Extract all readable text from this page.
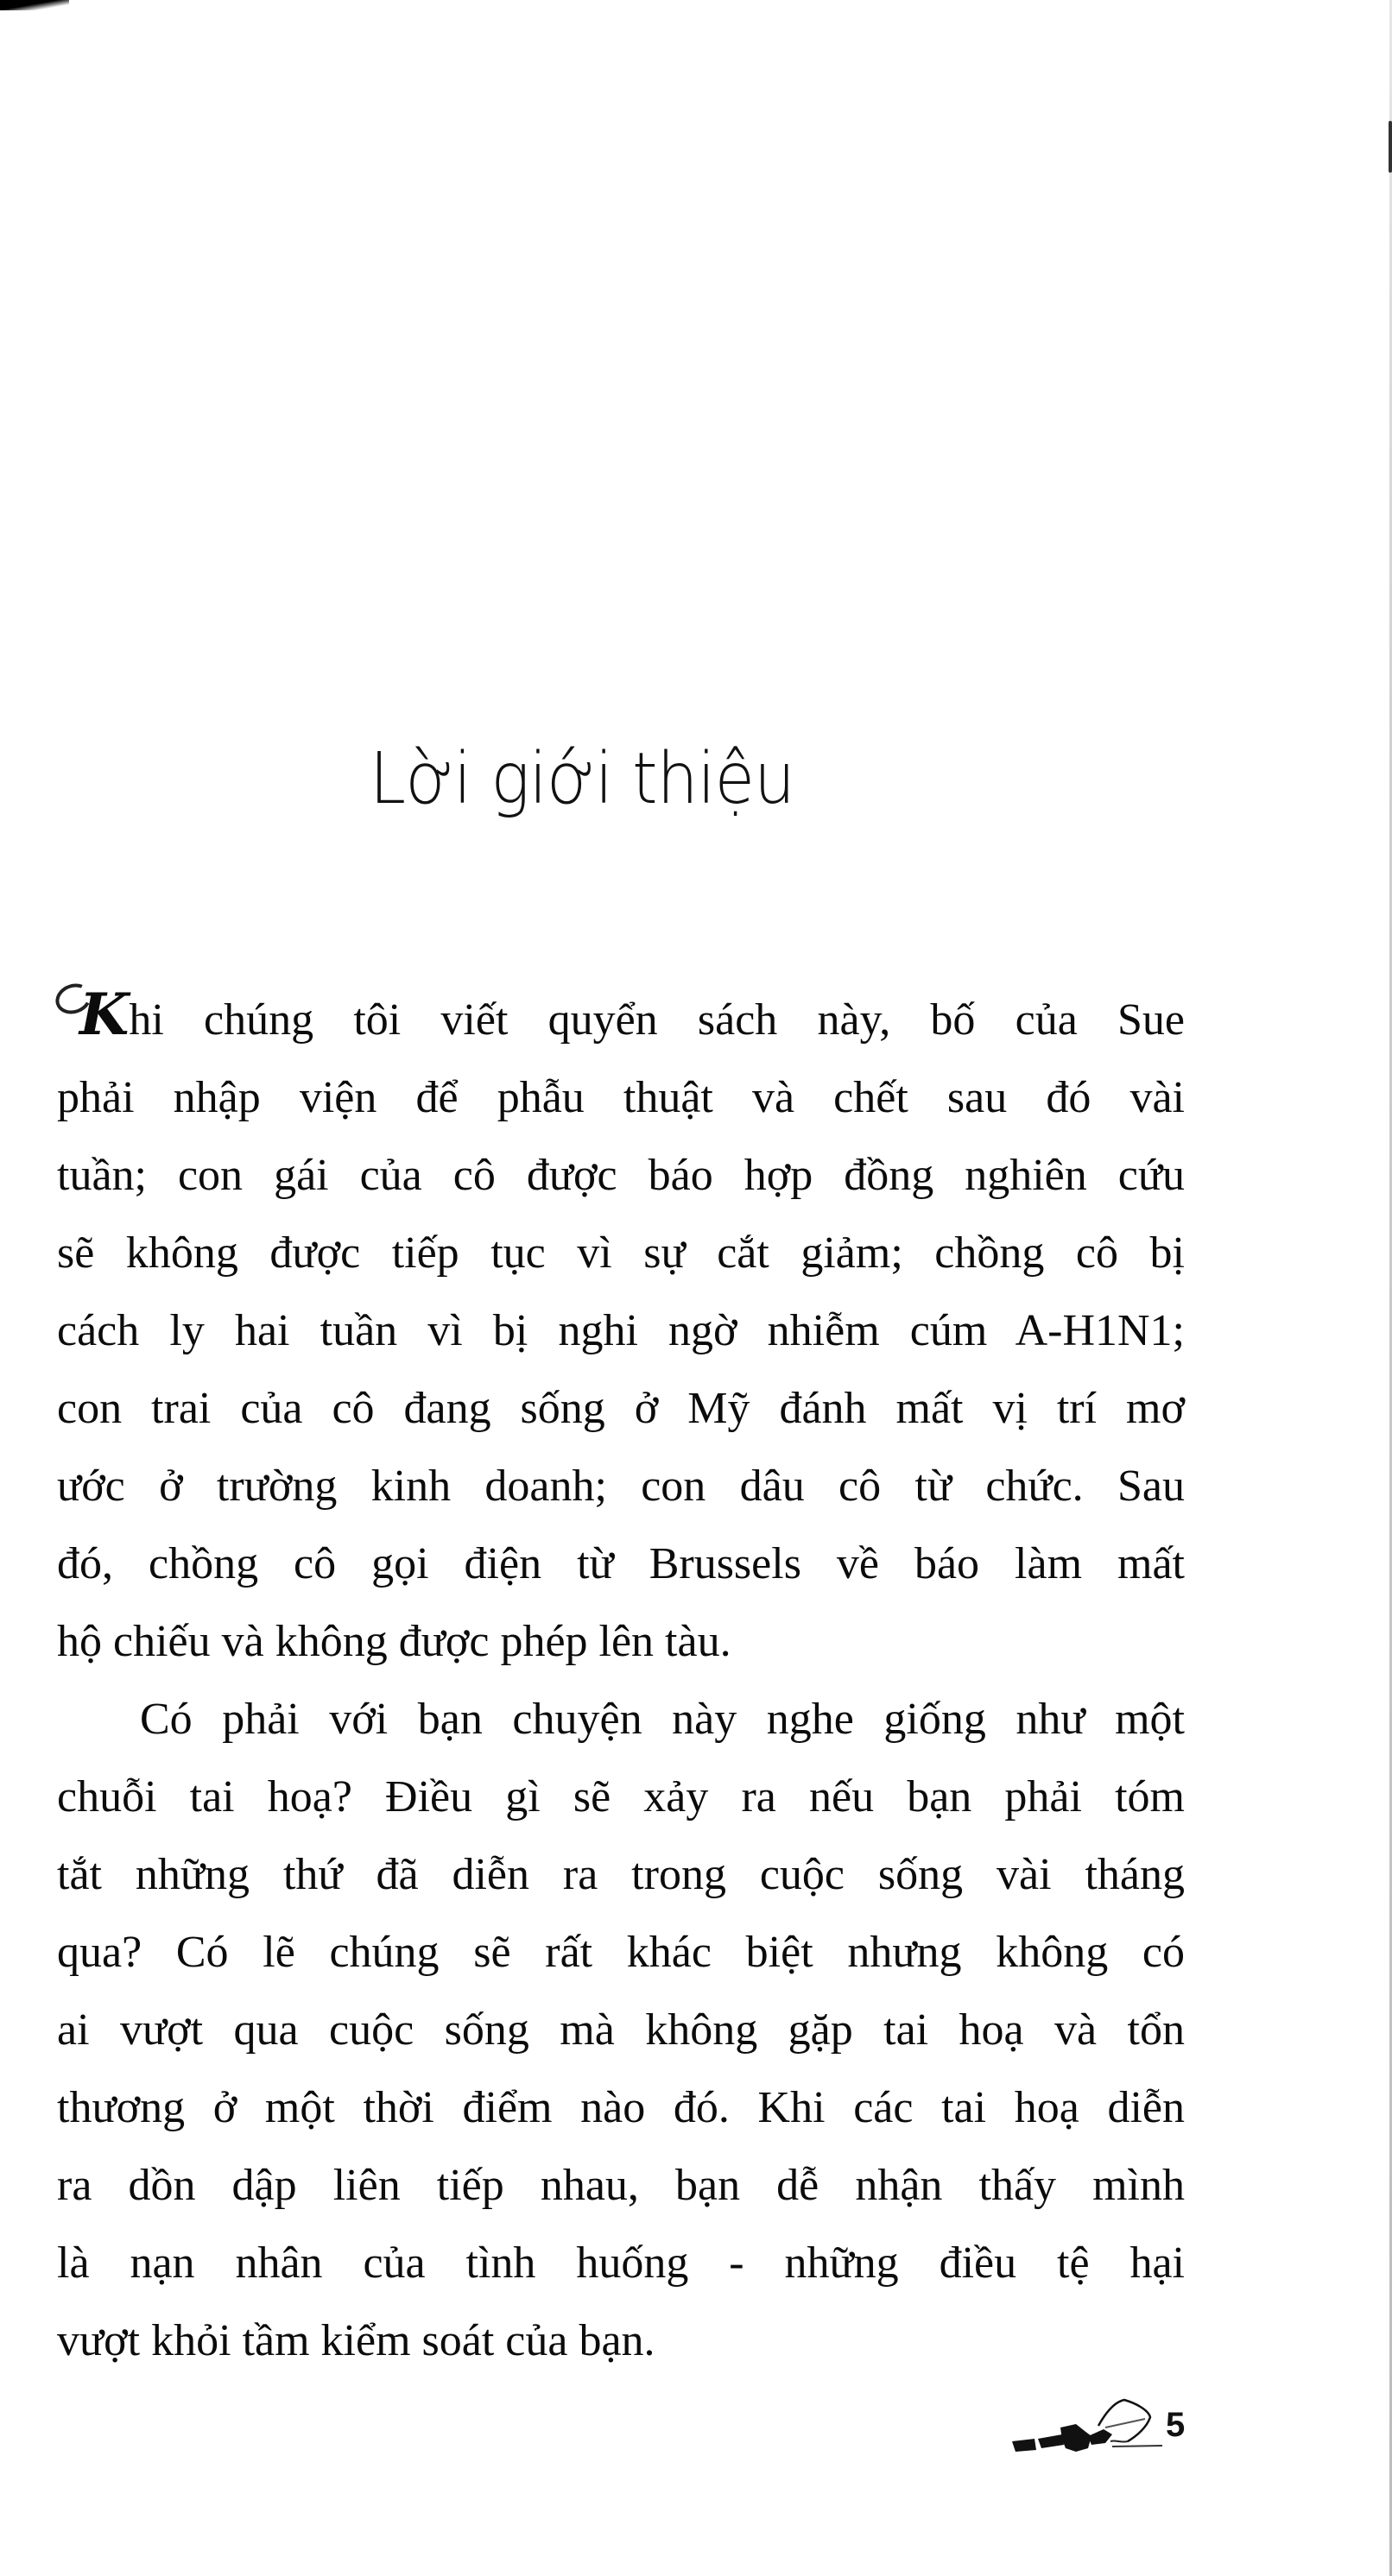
Lời giới thiệu

Khi chúng tôi viết quyển sách này, bố của Sue
phải nhập viện để phẫu thuật và chết sau đó vài
tuần; con gái của cô được báo hợp đồng nghiên cứu
sẽ không được tiếp tục vì sự cắt giảm; chồng cô bị
cách ly hai tuần vì bị nghi ngờ nhiễm cúm A-H1N1;
con trai của cô đang sống ở Mỹ đánh mất vị trí mơ
ước ở trường kinh doanh; con dâu cô từ chức. Sau
đó, chồng cô gọi điện từ Brussels về báo làm mất
hộ chiếu và không được phép lên tàu.

Có phải với bạn chuyện này nghe giống như một
chuỗi tai hoạ? Điều gì sẽ xảy ra nếu bạn phải tóm
tắt những thứ đã diễn ra trong cuộc sống vài tháng
qua? Có lẽ chúng sẽ rất khác biệt nhưng không có
ai vượt qua cuộc sống mà không gặp tai hoạ và tổn
thương ở một thời điểm nào đó. Khi các tai hoạ diễn
ra dồn dập liên tiếp nhau, bạn dễ nhận thấy mình
là nạn nhân của tình huống - những điều tệ hại
vượt khỏi tầm kiểm soát của bạn.

5
